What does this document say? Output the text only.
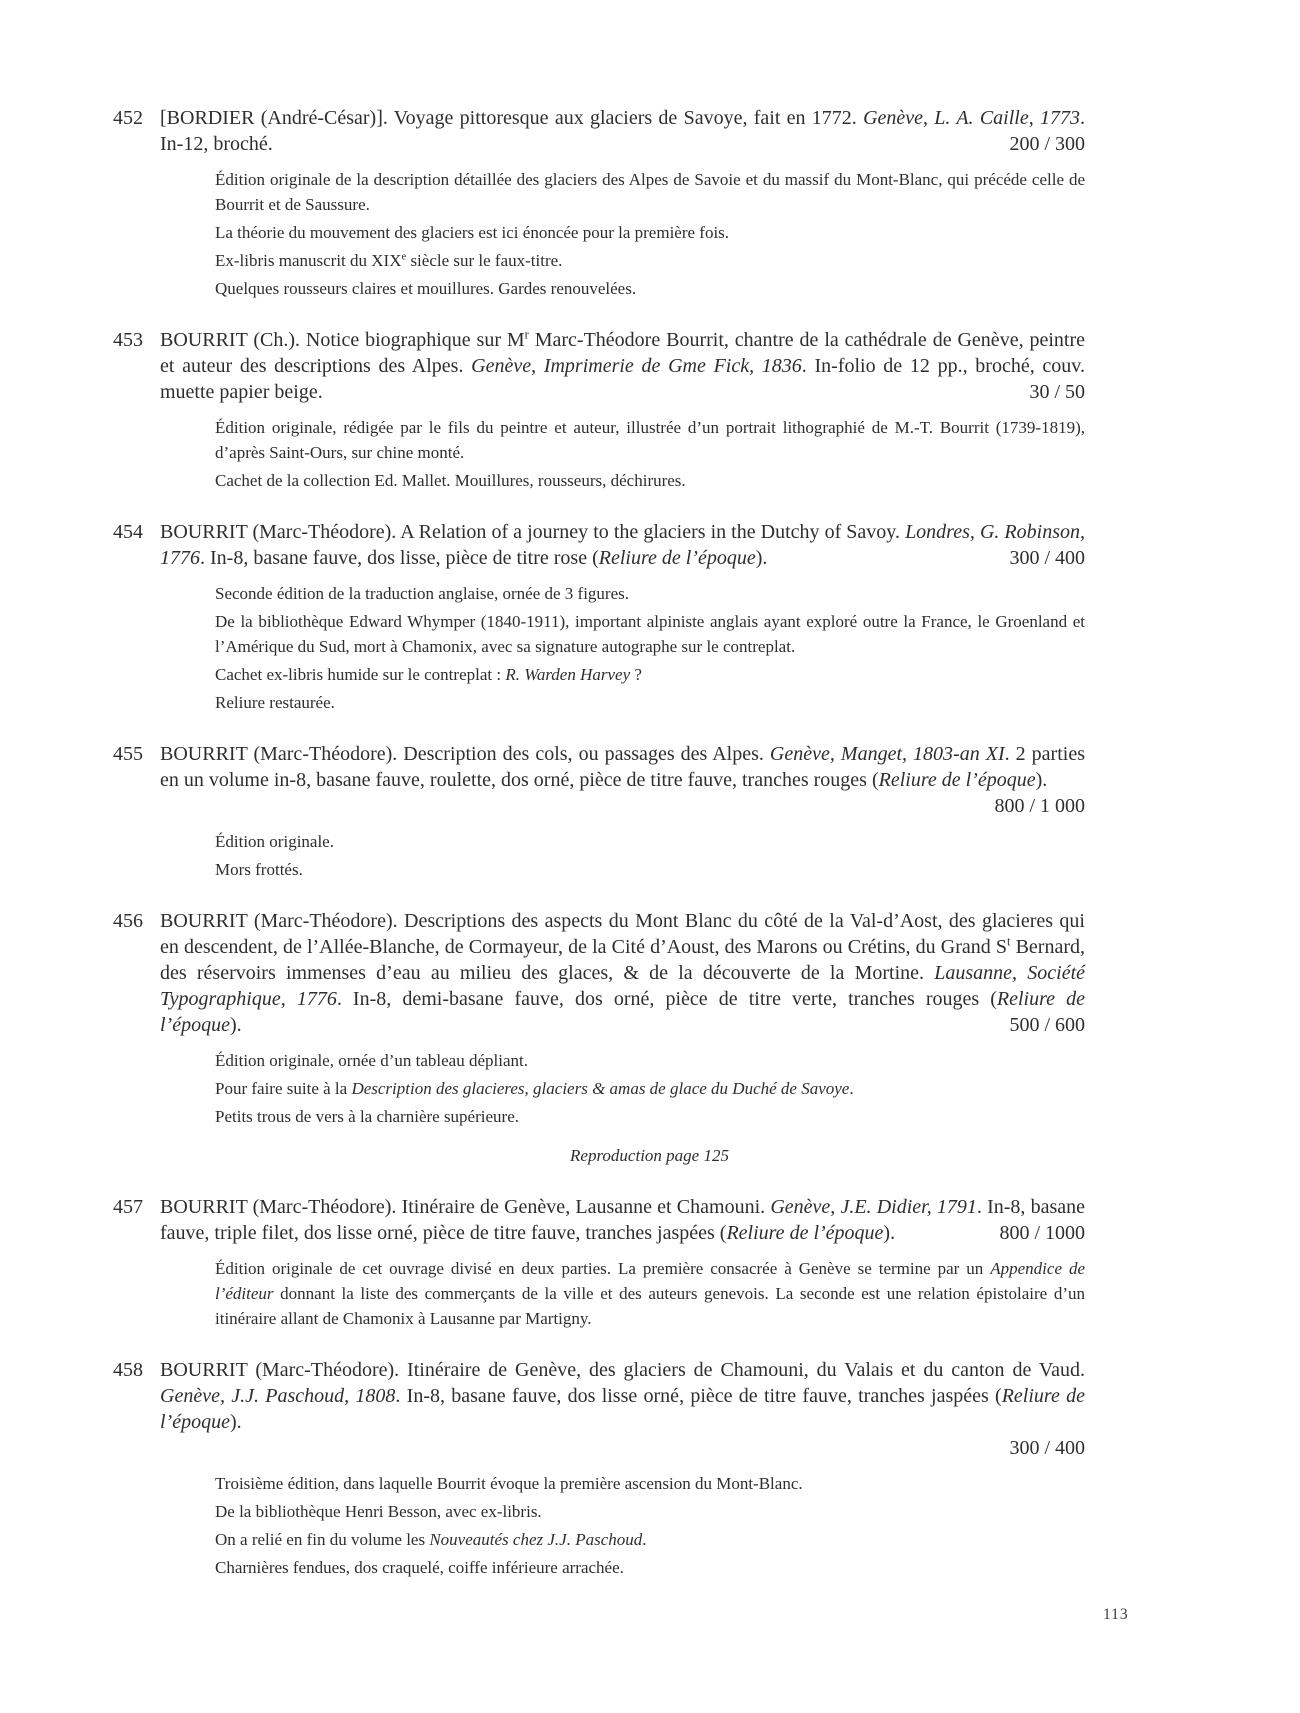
452 [BORDIER (André-César)]. Voyage pittoresque aux glaciers de Savoye, fait en 1772. Genève, L. A. Caille, 1773. In-12, broché.	200 / 300

Édition originale de la description détaillée des glaciers des Alpes de Savoie et du massif du Mont-Blanc, qui précéde celle de Bourrit et de Saussure.

La théorie du mouvement des glaciers est ici énoncée pour la première fois.

Ex-libris manuscrit du XIXe siècle sur le faux-titre.

Quelques rousseurs claires et mouillures. Gardes renouvelées.

453 BOURRIT (Ch.). Notice biographique sur $M^r$ Marc-Théodore Bourrit, chantre de la cathédrale de Genève, peintre et auteur des descriptions des Alpes. Genève, Imprimerie de Gme Fick, 1836. In-folio de 12 pp., broché, couv. muette papier beige.	30 / 50

Édition originale, rédigée par le fils du peintre et auteur, illustrée d’un portrait lithographié de M.-T. Bourrit (1739-1819), d’après Saint-Ours, sur chine monté.

Cachet de la collection Ed. Mallet. Mouillures, rousseurs, déchirures.

454 BOURRIT (Marc-Théodore). A Relation of a journey to the glaciers in the Dutchy of Savoy. Londres, G. Robinson, 1776. In-8, basane fauve, dos lisse, pièce de titre rose (Reliure de l’époque).	300 / 400

Seconde édition de la traduction anglaise, ornée de 3 figures.

De la bibliothèque Edward Whymper (1840-1911), important alpiniste anglais ayant exploré outre la France, le Groenland et l’Amérique du Sud, mort à Chamonix, avec sa signature autographe sur le contreplat.

Cachet ex-libris humide sur le contreplat : R. Warden Harvey ?

Reliure restaurée.

455 BOURRIT (Marc-Théodore). Description des cols, ou passages des Alpes. Genève, Manget, 1803-an XI. 2 parties en un volume in-8, basane fauve, roulette, dos orné, pièce de titre fauve, tranches rouges (Reliure de l’époque).

800 / 1 000

Édition originale.

Mors frottés.

456 BOURRIT (Marc-Théodore). Descriptions des aspects du Mont Blanc du côté de la Val-d’Aost, des glacieres qui en descendent, de l’Allée-Blanche, de Cormayeur, de la Cité d’Aoust, des Marons ou Crétins, du Grand $S^t$ Bernard, des réservoirs immenses d’eau au milieu des glaces, & de la découverte de la Mortine. Lausanne, Société Typographique, 1776. In-8, demi-basane fauve, dos orné, pièce de titre verte, tranches rouges (Reliure de l’époque).	500 / 600

Édition originale, ornée d’un tableau dépliant.

Pour faire suite à la Description des glacieres, glaciers & amas de glace du Duché de Savoye.

Petits trous de vers à la charnière supérieure.

Reproduction page 125

457 BOURRIT (Marc-Théodore). Itinéraire de Genève, Lausanne et Chamouni. Genève, J.E. Didier, 1791. In-8, basane fauve, triple filet, dos lisse orné, pièce de titre fauve, tranches jaspées (Reliure de l’époque).	800 / 1000

Édition originale de cet ouvrage divisé en deux parties. La première consacrée à Genève se termine par un Appendice de l’éditeur donnant la liste des commerçants de la ville et des auteurs genevois. La seconde est une relation épistolaire d’un itinéraire allant de Chamonix à Lausanne par Martigny.

458 BOURRIT (Marc-Théodore). Itinéraire de Genève, des glaciers de Chamouni, du Valais et du canton de Vaud. Genève, J.J. Paschoud, 1808. In-8, basane fauve, dos lisse orné, pièce de titre fauve, tranches jaspées (Reliure de l’époque).

300 / 400

Troisième édition, dans laquelle Bourrit évoque la première ascension du Mont-Blanc.

De la bibliothèque Henri Besson, avec ex-libris.

On a relié en fin du volume les Nouveautés chez J.J. Paschoud.

Charnières fendues, dos craquelé, coiffe inférieure arrachée.

113
